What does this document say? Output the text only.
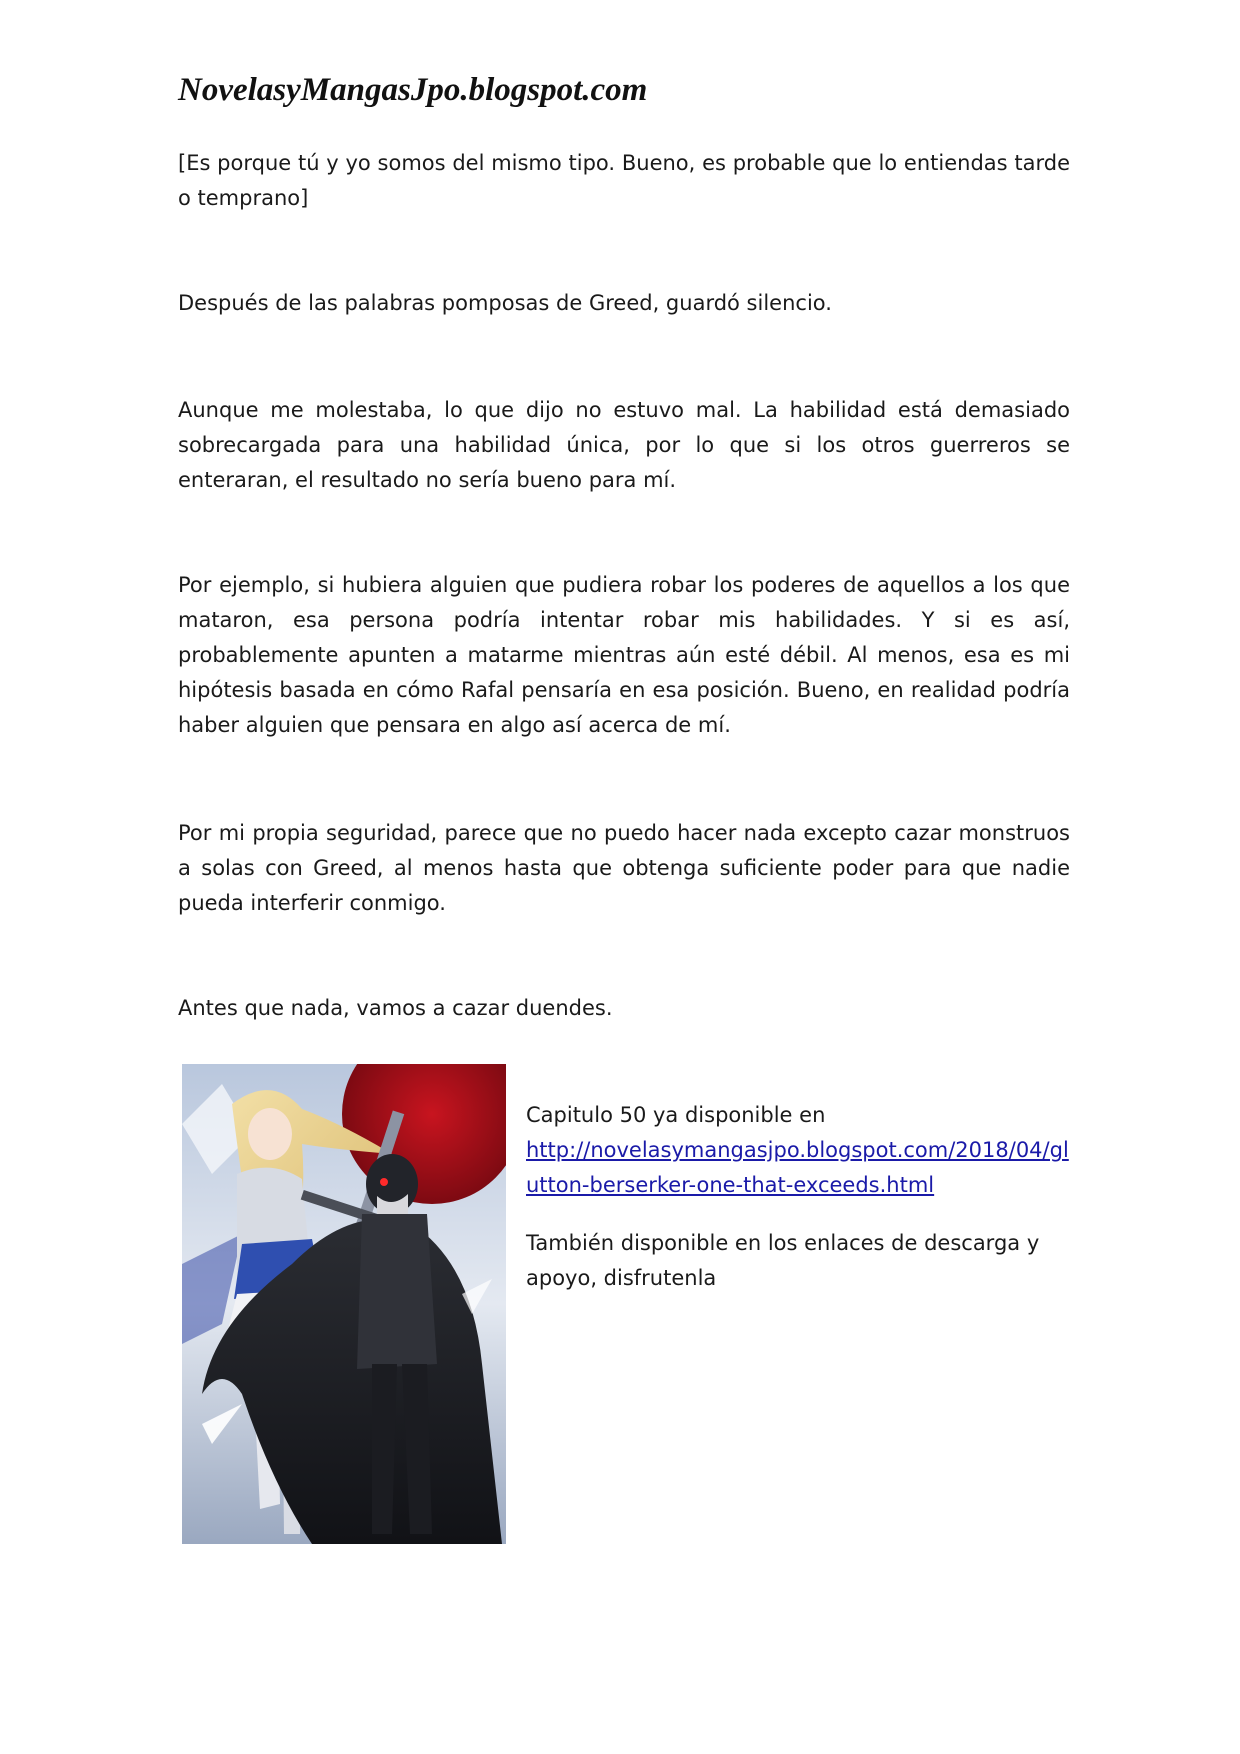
NovelasyMangasJpo.blogspot.com

[Es porque tú y yo somos del mismo tipo. Bueno, es probable que lo entiendas tarde o temprano]

Después de las palabras pomposas de Greed, guardó silencio.

Aunque me molestaba, lo que dijo no estuvo mal. La habilidad está demasiado sobrecargada para una habilidad única, por lo que si los otros guerreros se enteraran, el resultado no sería bueno para mí.

Por ejemplo, si hubiera alguien que pudiera robar los poderes de aquellos a los que mataron, esa persona podría intentar robar mis habilidades. Y si es así, probablemente apunten a matarme mientras aún esté débil. Al menos, esa es mi hipótesis basada en cómo Rafal pensaría en esa posición. Bueno, en realidad podría haber alguien que pensara en algo así acerca de mí.

Por mi propia seguridad, parece que no puedo hacer nada excepto cazar monstruos a solas con Greed, al menos hasta que obtenga suficiente poder para que nadie pueda interferir conmigo.

Antes que nada, vamos a cazar duendes.

Capitulo 50 ya disponible en

http://novelasymangasjpo.blogspot.com/2018/04/glutton-berserker-one-that-exceeds.html

También disponible en los enlaces de descarga y apoyo, disfrutenla
